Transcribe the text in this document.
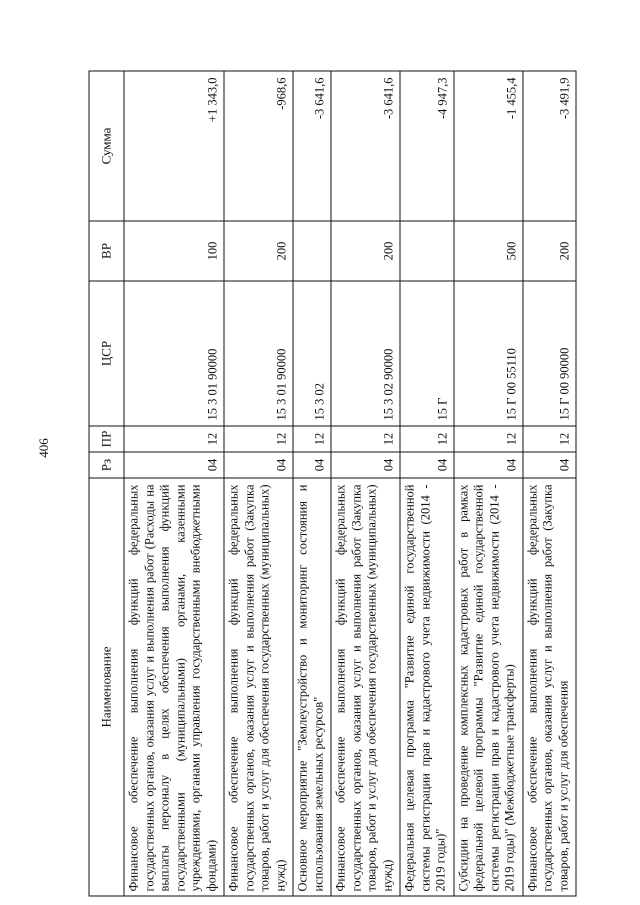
406
Наименование	Рз	ПР	ЦСР	ВР	Сумма
Финансовое обеспечение выполнения функций федеральных государственных органов, оказания услуг и выполнения работ (Расходы на выплаты персоналу в целях обеспечения выполнения функций государственными (муниципальными) органами, казенными учреждениями, органами управления государственными внебюджетными фондами)	04	12	15 3 01 90000	100	+1 343,0
Финансовое обеспечение выполнения функций федеральных государственных органов, оказания услуг и выполнения работ (Закупка товаров, работ и услуг для обеспечения государственных (муниципальных) нужд)	04	12	15 3 01 90000	200	-968,6
Основное мероприятие "Землеустройство и мониторинг состояния и использования земельных ресурсов"	04	12	15 3 02		-3 641,6
Финансовое обеспечение выполнения функций федеральных государственных органов, оказания услуг и выполнения работ (Закупка товаров, работ и услуг для обеспечения государственных (муниципальных) нужд)	04	12	15 3 02 90000	200	-3 641,6
Федеральная целевая программа "Развитие единой государственной системы регистрации прав и кадастрового учета недвижимости (2014 - 2019 годы)"	04	12	15 Г		-4 947,3
Субсидии на проведение комплексных кадастровых работ в рамках федеральной целевой программы "Развитие единой государственной системы регистрации прав и кадастрового учета недвижимости (2014 - 2019 годы)" (Межбюджетные трансферты)	04	12	15 Г 00 55110	500	-1 455,4
Финансовое обеспечение выполнения функций федеральных государственных органов, оказания услуг и выполнения работ (Закупка товаров, работ и услуг для обеспечения	04	12	15 Г 00 90000	200	-3 491,9
